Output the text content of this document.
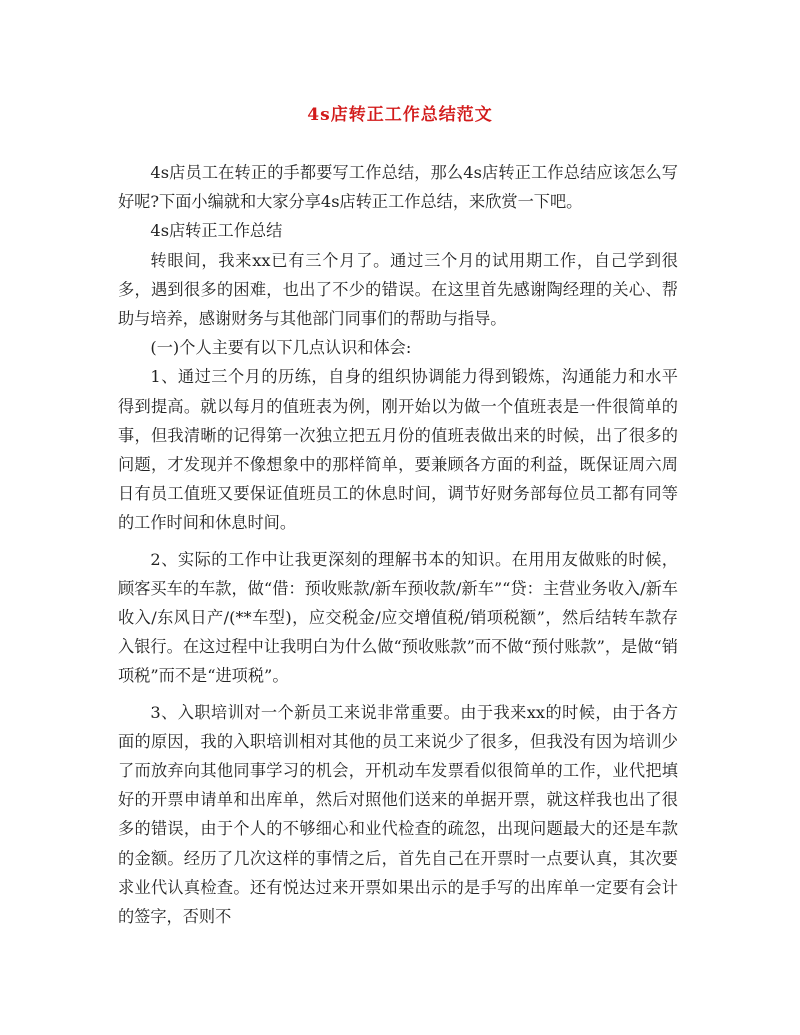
4s店转正工作总结范文

4s店员工在转正的手都要写工作总结，那么4s店转正工作总结应该怎么写好呢?下面小编就和大家分享4s店转正工作总结，来欣赏一下吧。

4s店转正工作总结

转眼间，我来xx已有三个月了。通过三个月的试用期工作，自己学到很多，遇到很多的困难，也出了不少的错误。在这里首先感谢陶经理的关心、帮助与培养，感谢财务与其他部门同事们的帮助与指导。

(一)个人主要有以下几点认识和体会:

1、通过三个月的历练，自身的组织协调能力得到锻炼，沟通能力和水平得到提高。就以每月的值班表为例，刚开始以为做一个值班表是一件很简单的事，但我清晰的记得第一次独立把五月份的值班表做出来的时候，出了很多的问题，才发现并不像想象中的那样简单，要兼顾各方面的利益，既保证周六周日有员工值班又要保证值班员工的休息时间，调节好财务部每位员工都有同等的工作时间和休息时间。

2、实际的工作中让我更深刻的理解书本的知识。在用用友做账的时候，顾客买车的车款，做“借：预收账款/新车预收款/新车”“贷：主营业务收入/新车收入/东风日产/(**车型)，应交税金/应交增值税/销项税额”，然后结转车款存入银行。在这过程中让我明白为什么做“预收账款”而不做“预付账款”，是做“销项税”而不是“进项税”。

3、入职培训对一个新员工来说非常重要。由于我来xx的时候，由于各方面的原因，我的入职培训相对其他的员工来说少了很多，但我没有因为培训少了而放弃向其他同事学习的机会，开机动车发票看似很简单的工作，业代把填好的开票申请单和出库单，然后对照他们送来的单据开票，就这样我也出了很多的错误，由于个人的不够细心和业代检查的疏忽，出现问题最大的还是车款的金额。经历了几次这样的事情之后，首先自己在开票时一点要认真，其次要求业代认真检查。还有悦达过来开票如果出示的是手写的出库单一定要有会计的签字，否则不
